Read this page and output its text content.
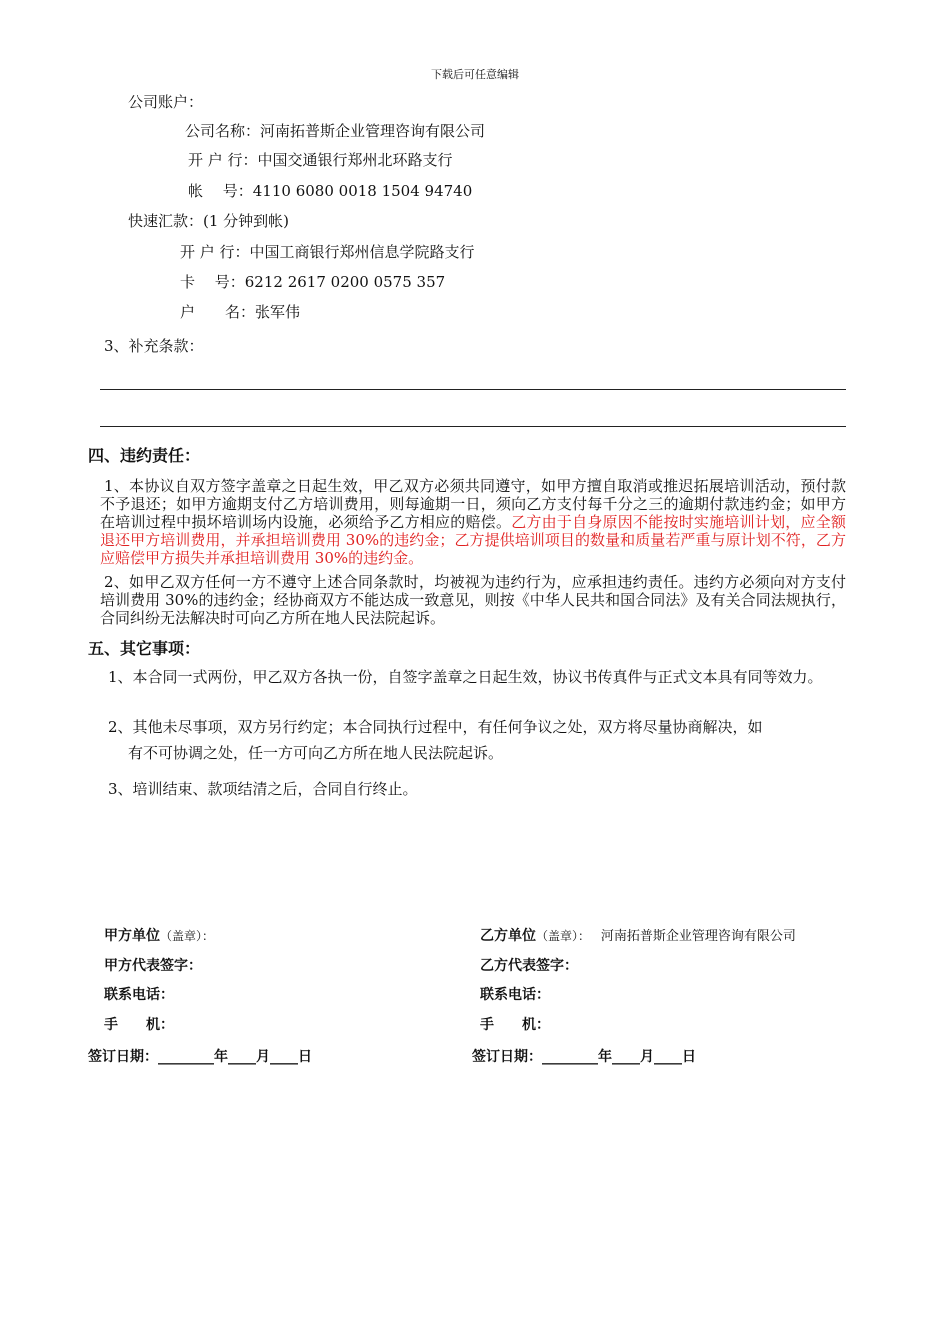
下载后可任意编辑
公司账户：
公司名称：河南拓普斯企业管理咨询有限公司
开 户 行：中国交通银行郑州北环路支行
帐　 号：4110 6080 0018 1504 94740
快速汇款：(1 分钟到帐)
开 户 行：中国工商银行郑州信息学院路支行
卡　 号：6212 2617 0200 0575 357
户　　名：张军伟
3、补充条款：
四、违约责任：
1、本协议自双方签字盖章之日起生效，甲乙双方必须共同遵守，如甲方擅自取消或推迟拓展培训活动，预付款不予退还；如甲方逾期支付乙方培训费用，则每逾期一日，须向乙方支付每千分之三的逾期付款违约金；如甲方在培训过程中损坏培训场内设施，必须给予乙方相应的赔偿。乙方由于自身原因不能按时实施培训计划，应全额退还甲方培训费用，并承担培训费用 30%的违约金；乙方提供培训项目的数量和质量若严重与原计划不符，乙方应赔偿甲方损失并承担培训费用 30%的违约金。
2、如甲乙双方任何一方不遵守上述合同条款时，均被视为违约行为，应承担违约责任。违约方必须向对方支付培训费用 30%的违约金；经协商双方不能达成一致意见，则按《中华人民共和国合同法》及有关合同法规执行，合同纠纷无法解决时可向乙方所在地人民法院起诉。
五、其它事项：
1、本合同一式两份，甲乙双方各执一份，自签字盖章之日起生效，协议书传真件与正式文本具有同等效力。
2、其他未尽事项，双方另行约定；本合同执行过程中，有任何争议之处，双方将尽量协商解决，如
有不可协调之处，任一方可向乙方所在地人民法院起诉。
3、培训结束、款项结清之后，合同自行终止。
甲方单位（盖章）：
甲方代表签字：
联系电话：
手　　机：
签订日期：________年____月____日
乙方单位（盖章）： 河南拓普斯企业管理咨询有限公司
乙方代表签字：
联系电话：
手　　机：
签订日期：________年____月____日
